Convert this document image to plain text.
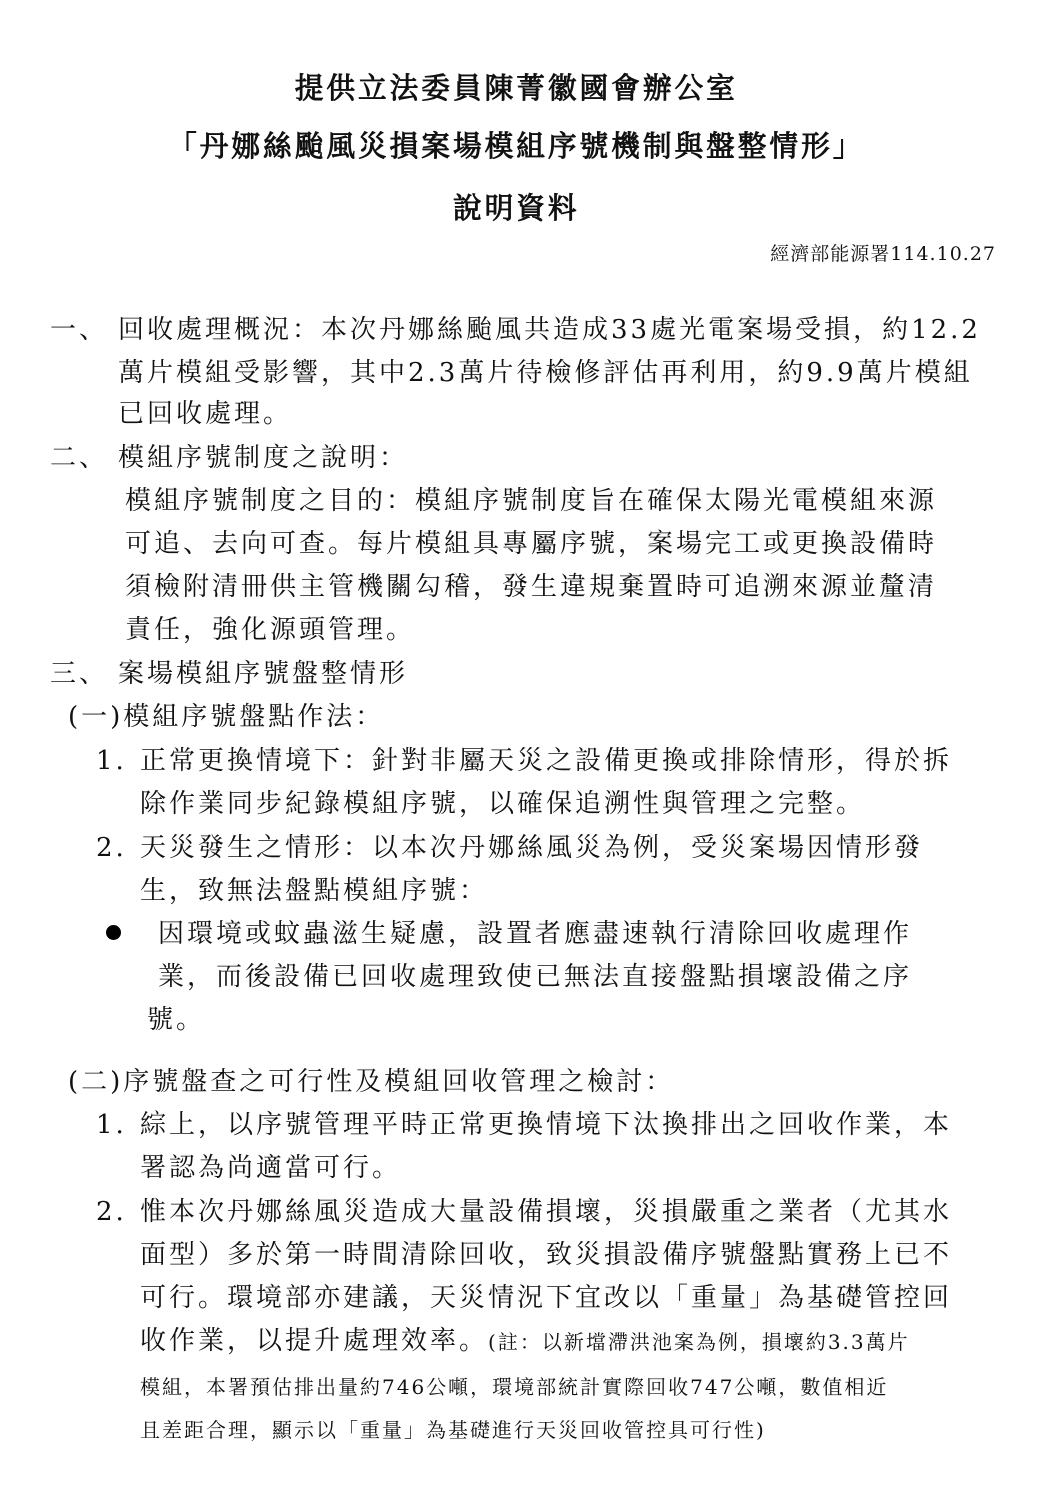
提供立法委員陳菁徽國會辦公室
「丹娜絲颱風災損案場模組序號機制與盤整情形」
說明資料
經濟部能源署114.10.27
一、 回收處理概況：本次丹娜絲颱風共造成33處光電案場受損，約12.2
萬片模組受影響，其中2.3萬片待檢修評估再利用，約9.9萬片模組
已回收處理。
二、 模組序號制度之說明：
模組序號制度之目的：模組序號制度旨在確保太陽光電模組來源
可追、去向可查。每片模組具專屬序號，案場完工或更換設備時
須檢附清冊供主管機關勾稽，發生違規棄置時可追溯來源並釐清
責任，強化源頭管理。
三、 案場模組序號盤整情形
(一)模組序號盤點作法：
1. 正常更換情境下：針對非屬天災之設備更換或排除情形，得於拆
除作業同步紀錄模組序號，以確保追溯性與管理之完整。
2. 天災發生之情形：以本次丹娜絲風災為例，受災案場因情形發
生，致無法盤點模組序號：
因環境或蚊蟲滋生疑慮，設置者應盡速執行清除回收處理作
業，而後設備已回收處理致使已無法直接盤點損壞設備之序
號。
(二)序號盤查之可行性及模組回收管理之檢討：
1. 綜上，以序號管理平時正常更換情境下汰換排出之回收作業，本
署認為尚適當可行。
2. 惟本次丹娜絲風災造成大量設備損壞，災損嚴重之業者（尤其水
面型）多於第一時間清除回收，致災損設備序號盤點實務上已不
可行。環境部亦建議，天災情況下宜改以「重量」為基礎管控回
收作業，以提升處理效率。(註：以新壋滯洪池案為例，損壞約3.3萬片
模組，本署預估排出量約746公噸，環境部統計實際回收747公噸，數值相近
且差距合理，顯示以「重量」為基礎進行天災回收管控具可行性)
